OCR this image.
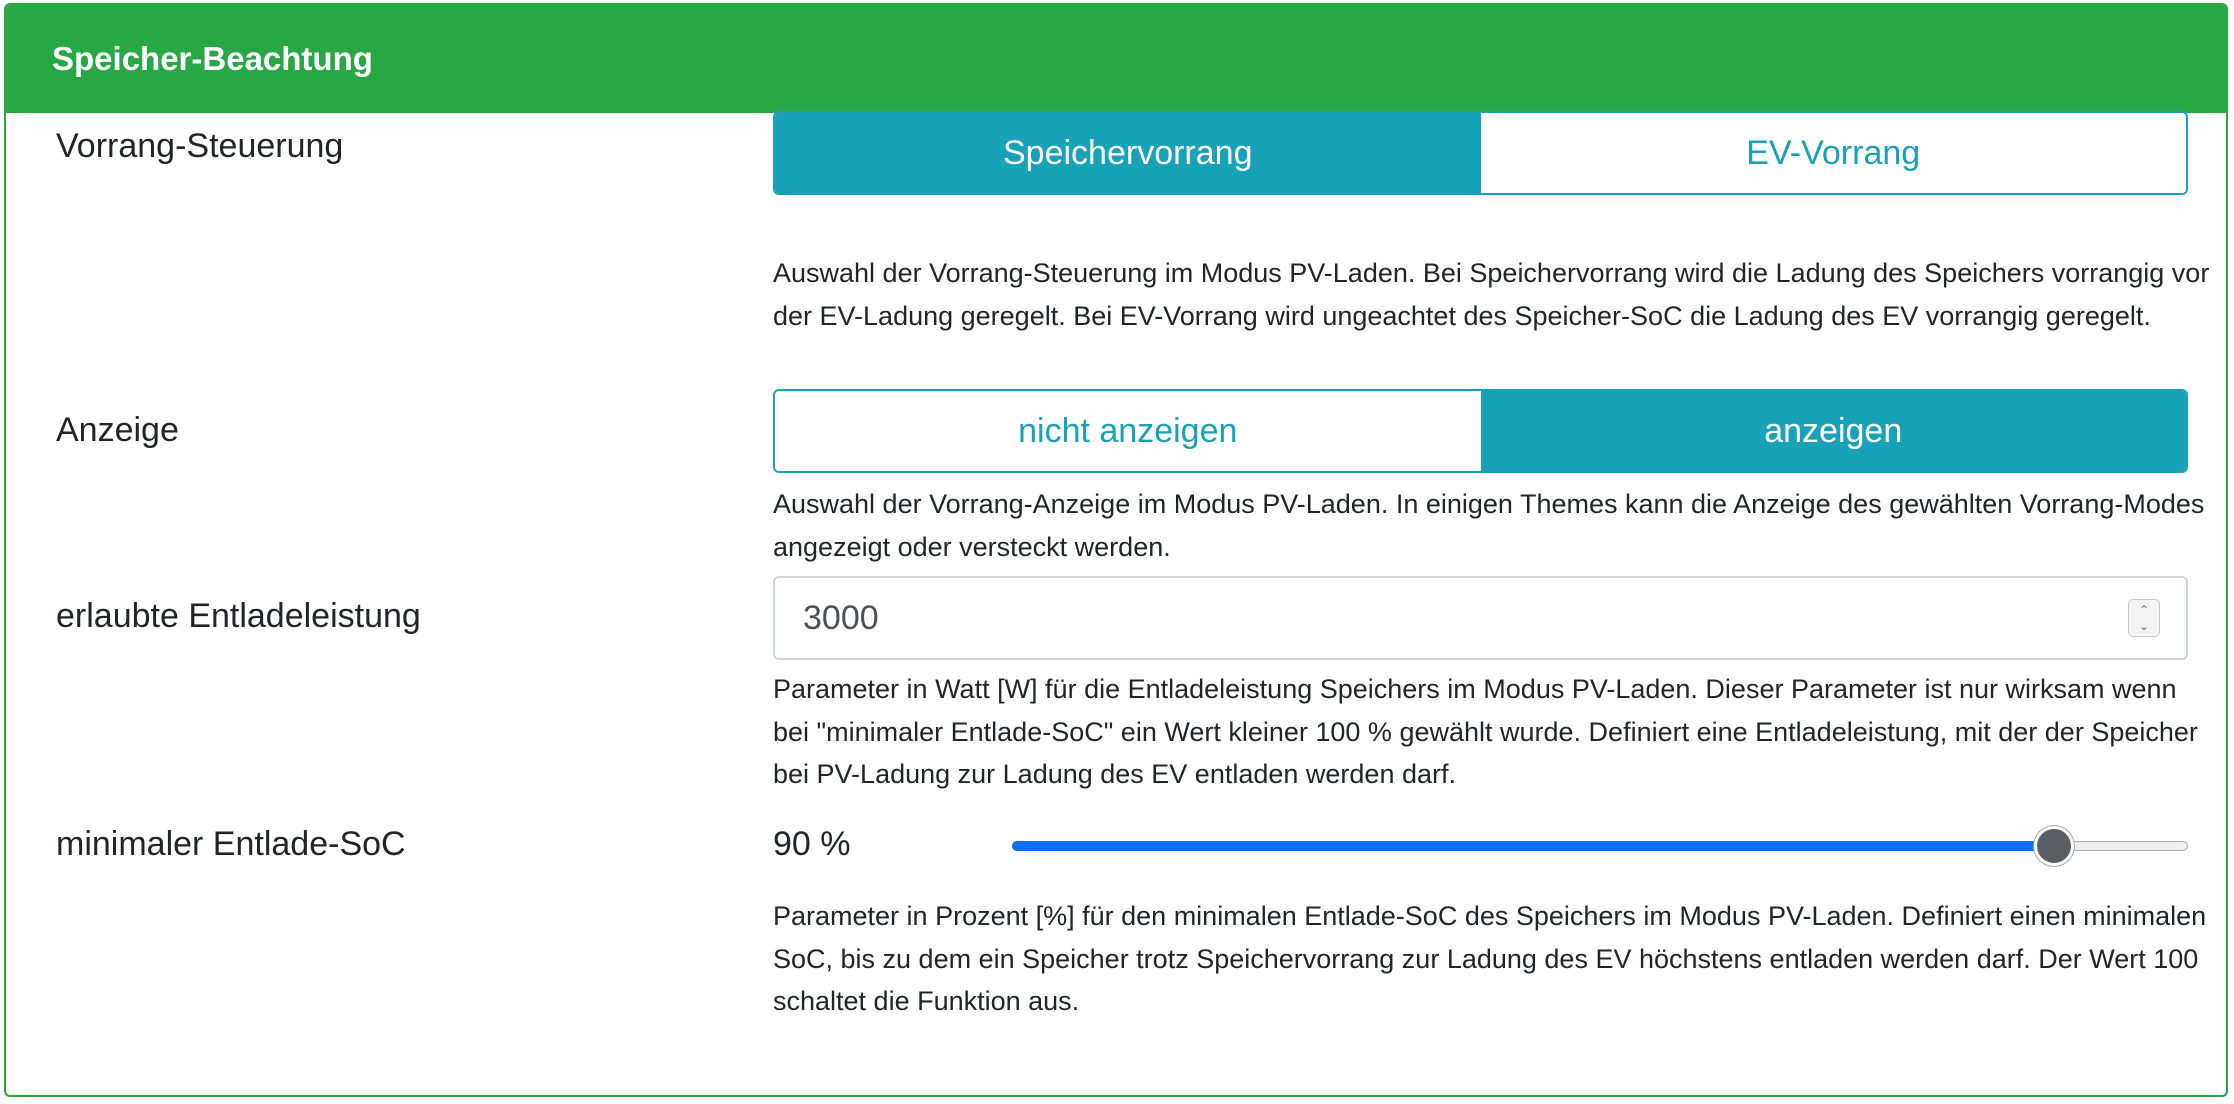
Speicher-Beachtung
Vorrang-Steuerung	Speichervorrang	EV-Vorrang
Auswahl der Vorrang-Steuerung im Modus PV-Laden. Bei Speichervorrang wird die Ladung des Speichers vorrangig vor der EV-Ladung geregelt. Bei EV-Vorrang wird ungeachtet des Speicher-SoC die Ladung des EV vorrangig geregelt.
Anzeige	nicht anzeigen	anzeigen
Auswahl der Vorrang-Anzeige im Modus PV-Laden. In einigen Themes kann die Anzeige des gewählten Vorrang-Modes angezeigt oder versteckt werden.
erlaubte Entladeleistung	3000	⌃
⌄
Parameter in Watt [W] für die Entladeleistung Speichers im Modus PV-Laden. Dieser Parameter ist nur wirksam wenn bei "minimaler Entlade-SoC" ein Wert kleiner 100 % gewählt wurde. Definiert eine Entladeleistung, mit der der Speicher bei PV-Ladung zur Ladung des EV entladen werden darf.
minimaler Entlade-SoC	90 %
Parameter in Prozent [%] für den minimalen Entlade-SoC des Speichers im Modus PV-Laden. Definiert einen minimalen SoC, bis zu dem ein Speicher trotz Speichervorrang zur Ladung des EV höchstens entladen werden darf. Der Wert 100 schaltet die Funktion aus.
